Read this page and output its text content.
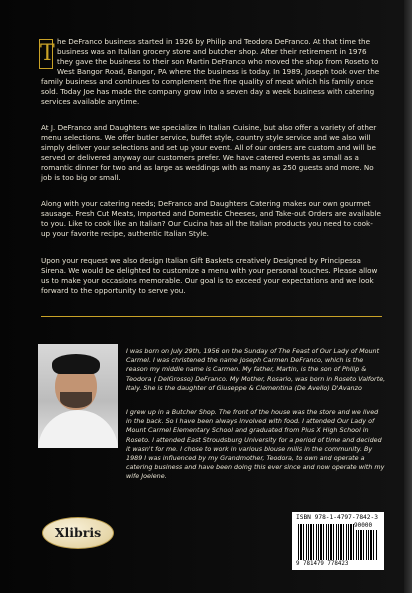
T he DeFranco business started in 1926 by Philip and Teodora DeFranco. At that time the business was an Italian grocery store and butcher shop. After their retirement in 1976 they gave the business to their son Martin DeFranco who moved the shop from Roseto to West Bangor Road, Bangor, PA where the business is today. In 1989, Joseph took over the family business and continues to complement the fine quality of meat which his family once sold. Today Joe has made the company grow into a seven day a week business with catering services available anytime.

At J. DeFranco and Daughters we specialize in Italian Cuisine, but also offer a variety of other menu selections. We offer butler service, buffet style, country style service and we also will simply deliver your selections and set up your event. All of our orders are custom and will be served or delivered anyway our customers prefer. We have catered events as small as a romantic dinner for two and as large as weddings with as many as 250 guests and more. No job is too big or small.

Along with your catering needs; DeFranco and Daughters Catering makes our own gourmet sausage. Fresh Cut Meats, Imported and Domestic Cheeses, and Take-out Orders are available to you. Like to cook like an Italian? Our Cucina has all the Italian products you need to cook-up your favorite recipe, authentic Italian Style.

Upon your request we also design Italian Gift Baskets creatively Designed by Principessa Sirena. We would be delighted to customize a menu with your personal touches. Please allow us to make your occasions memorable. Our goal is to exceed your expectations and we look forward to the opportunity to serve you.

I was born on July 29th, 1956 on the Sunday of The Feast of Our Lady of Mount Carmel. I was christened the name Joseph Carmen DeFranco, which is the reason my middle name is Carmen. My father, Martin, is the son of Philip & Teodora ( DelGrosso) DeFranco. My Mother, Rosario, was born in Roseto Valforte, Italy. She is the daughter of Giuseppe & Clementina (De Avello) D'Avanzo

I grew up in a Butcher Shop. The front of the house was the store and we lived in the back. So I have been always involved with food. I attended Our Lady of Mount Carmel Elementary School and graduated from Pius X High School in Roseto. I attended East Stroudsburg University for a period of time and decided it wasn't for me. I chose to work in various blouse mills in the community. By 1989 I was influenced by my Grandmother, Teodora, to own and operate a catering business and have been doing this ever since and now operate with my wife Joelene.

Xlibris
ISBN 978-1-4797-7842-3
90000
9 781479 778423
